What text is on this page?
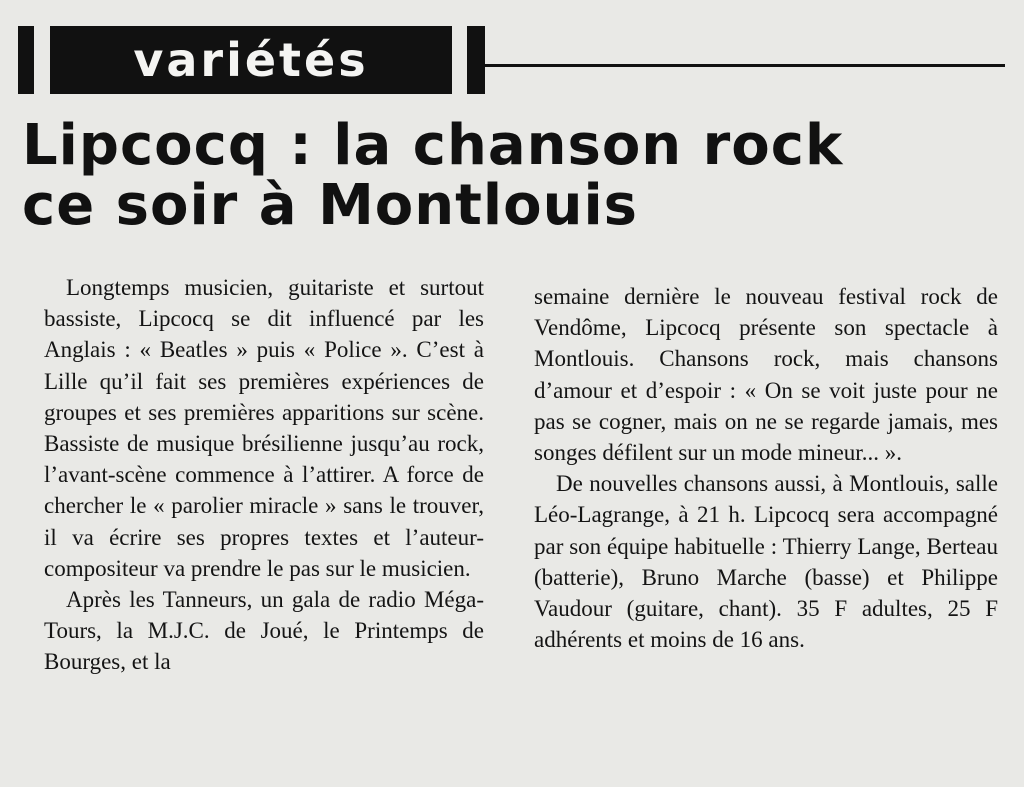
variétés
Lipcocq : la chanson rock
ce soir à Montlouis

Longtemps musicien, guitariste et surtout bassiste, Lipcocq se dit influencé par les Anglais : « Beatles » puis « Police ». C’est à Lille qu’il fait ses premières expériences de groupes et ses premières apparitions sur scène. Bassiste de musique brésilienne jusqu’au rock, l’avant-scène commence à l’attirer. A force de chercher le « parolier miracle » sans le trouver, il va écrire ses propres textes et l’auteur-compositeur va prendre le pas sur le musicien.

Après les Tanneurs, un gala de radio Méga-Tours, la M.J.C. de Joué, le Printemps de Bourges, et la

semaine dernière le nouveau festival rock de Vendôme, Lipcocq présente son spectacle à Montlouis. Chansons rock, mais chansons d’amour et d’espoir : « On se voit juste pour ne pas se cogner, mais on ne se regarde jamais, mes songes défilent sur un mode mineur... ».

De nouvelles chansons aussi, à Montlouis, salle Léo-Lagrange, à 21 h. Lipcocq sera accompagné par son équipe habituelle : Thierry Lange, Berteau (batterie), Bruno Marche (basse) et Philippe Vaudour (guitare, chant). 35 F adultes, 25 F adhérents et moins de 16 ans.
